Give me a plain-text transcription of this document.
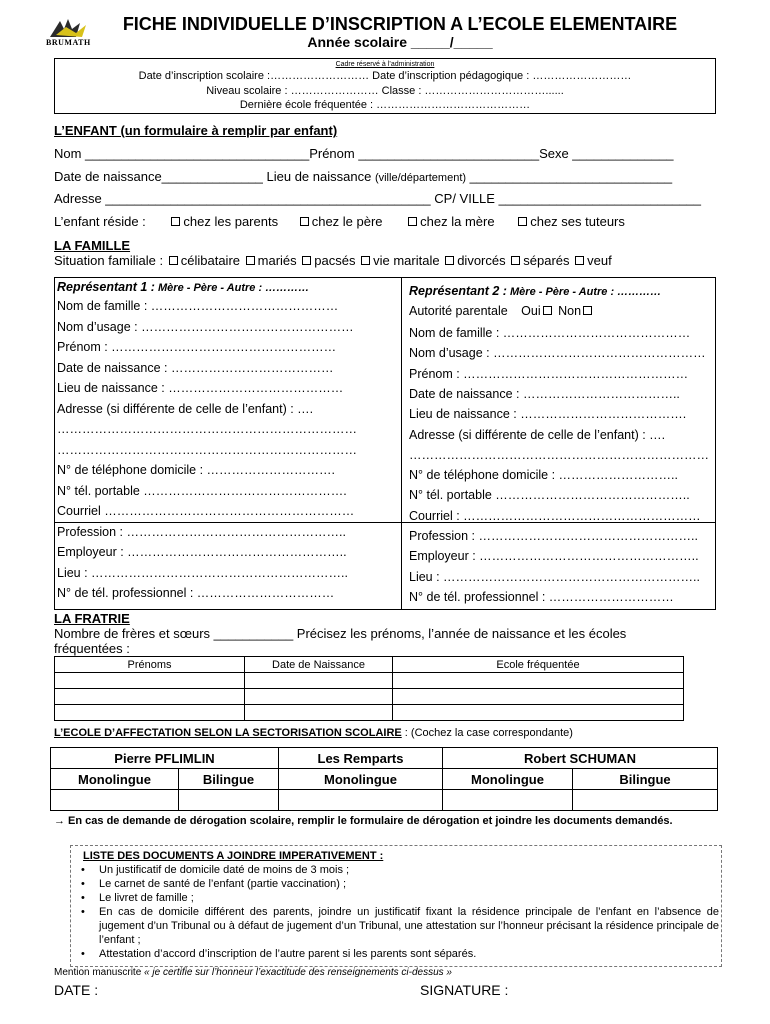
BRUMATH
FICHE INDIVIDUELLE D’INSCRIPTION A L’ECOLE ELEMENTAIRE
Année scolaire _____/_____
Cadre réservé à l’administration
Date d’inscription scolaire :……………………… Date d’inscription pédagogique : ………………………
Niveau scolaire : …………………… Classe : ……………………………......
Dernière école fréquentée : ……………………………………
L’ENFANT (un formulaire à remplir par enfant)
Nom _______________________________Prénom _________________________Sexe ______________
Date de naissance______________ Lieu de naissance (ville/département) ____________________________
Adresse _____________________________________________ CP/ VILLE ____________________________
L’enfant réside :	chez les parents	chez le père	chez la mère	chez ses tuteurs
LA FAMILLE
Situation familiale : célibataire mariés pacsés vie maritale divorcés séparés veuf
Représentant 1 : Mère - Père - Autre : …………
Nom de famille : ………………………………………
Nom d’usage : ……………………………………………
Prénom : ………………………………………………
Date de naissance : …………………………………
Lieu de naissance : ……………………………………
Adresse (si différente de celle de l’enfant) : ….
………………………………………………………………
………………………………………………………………
N° de téléphone domicile : ………………………….
N° tél. portable ………………………………………….
Courriel ……………………………………………………
Profession : ……………………………………………..
Employeur : ……………………………………………..
Lieu : ……………………………………………………..
N° de tél. professionnel : ……………………………
Représentant 2 : Mère - Père - Autre : …………
Autorité parentale Oui Non
Nom de famille : ………………………………………
Nom d’usage : ……………………………………………
Prénom : ………………………………………………
Date de naissance : ………………………………..
Lieu de naissance : ………………………………….
Adresse (si différente de celle de l’enfant) : ….
………………………………………………………………
N° de téléphone domicile : ………………………..
N° tél. portable ………………………………………..
Courriel : …………………………………………………
Profession : ……………………………………………..
Employeur : ……………………………………………..
Lieu : ……………………………………………………..
N° de tél. professionnel : …………………………
LA FRATRIE
Nombre de frères et sœurs ___________ Précisez les prénoms, l’année de naissance et les écoles
fréquentées :
Prénoms	Date de Naissance	Ecole fréquentée

L’ECOLE D’AFFECTATION SELON LA SECTORISATION SCOLAIRE : (Cochez la case correspondante)
Pierre PFLIMLIN		Les Remparts	Robert SCHUMAN	
Monolingue	Bilingue	Monolingue	Monolingue	Bilingue

→ En cas de demande de dérogation scolaire, remplir le formulaire de dérogation et joindre les documents demandés.
LISTE DES DOCUMENTS A JOINDRE IMPERATIVEMENT :
• Un justificatif de domicile daté de moins de 3 mois ;
• Le carnet de santé de l’enfant (partie vaccination) ;
• Le livret de famille ;
• En cas de domicile différent des parents, joindre un justificatif fixant la résidence principale de l’enfant en l’absence de jugement d’un Tribunal ou à défaut de jugement d’un Tribunal, une attestation sur l’honneur précisant la résidence principale de l’enfant ;
• Attestation d’accord d’inscription de l’autre parent si les parents sont séparés.
Mention manuscrite « je certifie sur l’honneur l’exactitude des renseignements ci-dessus »
DATE :	SIGNATURE :
